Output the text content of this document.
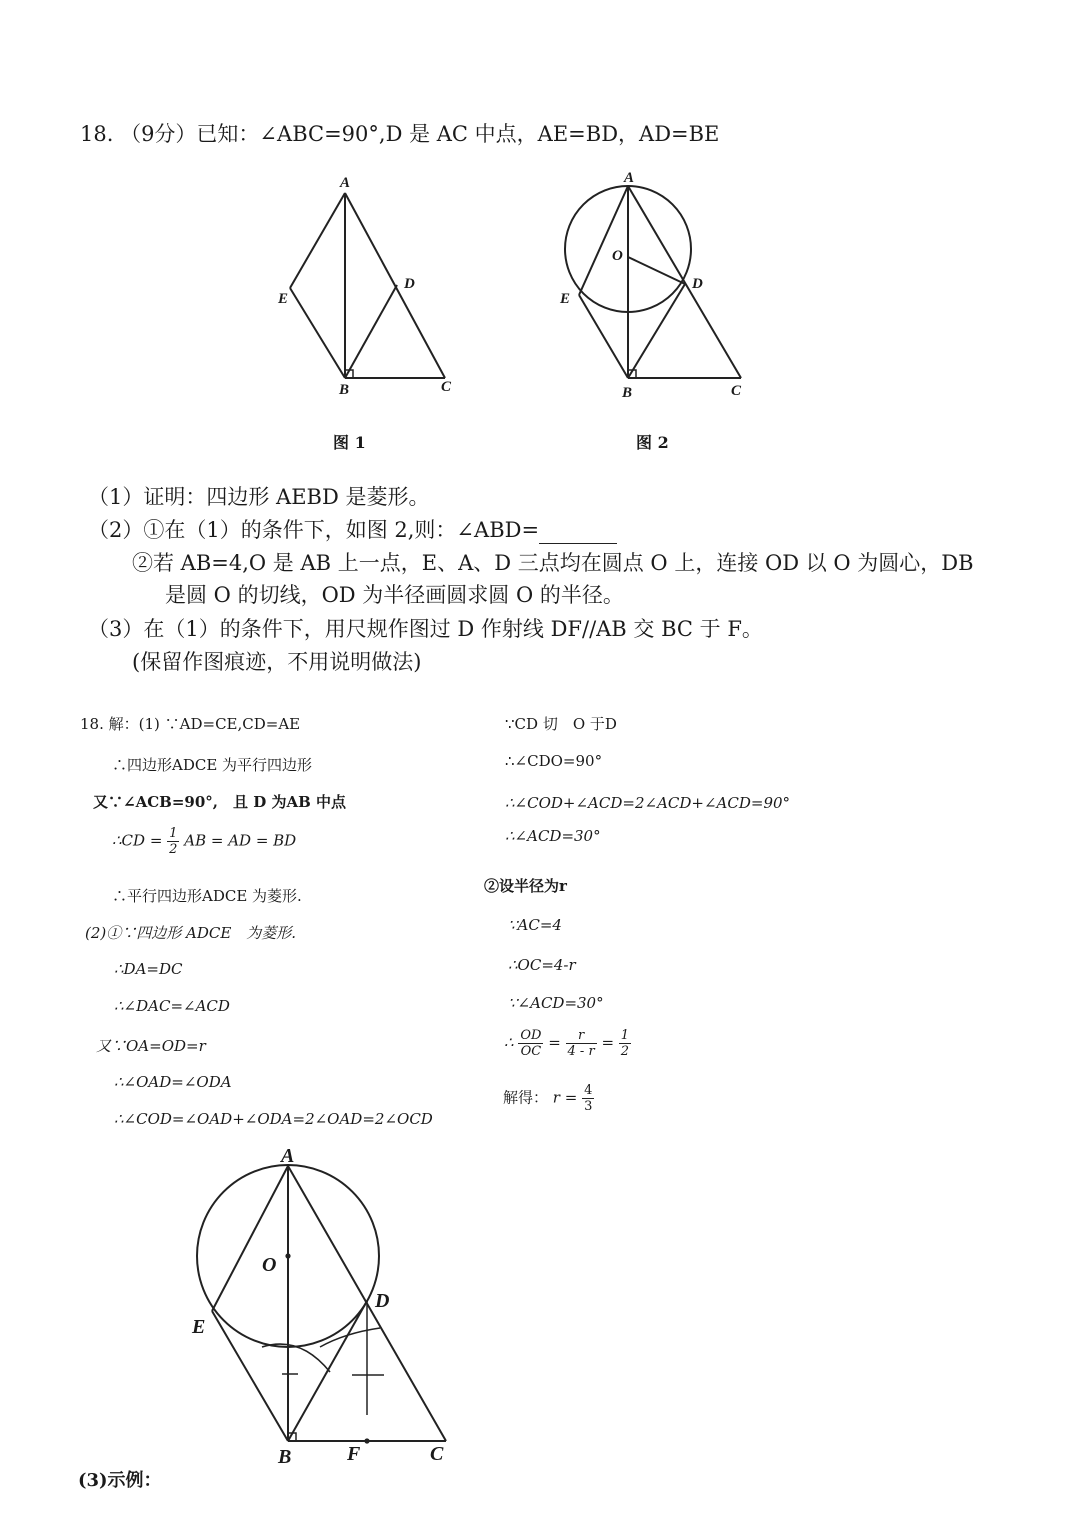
18. （9分）已知：∠ABC=90°,D 是 AC 中点，AE=BD，AD=BE
A
E
D
B	C
图 1
A
O
D
E
B	C
图 2
（1）证明：四边形 AEBD 是菱形。
（2）①在（1）的条件下，如图 2,则：∠ABD=
②若 AB=4,O 是 AB 上一点，E、A、D 三点均在圆点 O 上，连接 OD 以 O 为圆心，DB
是圆 O 的切线，OD 为半径画圆求圆 O 的半径。
（3）在（1）的条件下，用尺规作图过 D 作射线 DF//AB 交 BC 于 F。
(保留作图痕迹，不用说明做法)
18. 解：(1) ∵AD=CE,CD=AE
∴四边形ADCE 为平行四边形
又∵∠ACB=90°,　且 D 为AB 中点
∴CD = $\frac{1}{2}$ AB = AD = BD
∴平行四边形ADCE 为菱形.
(2)①∵四边形 ADCE　为菱形.
∴DA=DC
∴∠DAC=∠ACD
又∵OA=OD=r
∴∠OAD=∠ODA
∴∠COD=∠OAD+∠ODA=2∠OAD=2∠OCD
∵CD 切　O 于D
∴∠CDO=90°
∴∠COD+∠ACD=2∠ACD+∠ACD=90°
∴∠ACD=30°
②设半径为r
∵AC=4
∴OC=4-r
∵∠ACD=30°
∴ $\frac{OD}{OC} = \frac{r}{4 - r} = \frac{1}{2}$
解得： $r = \frac{4}{3}$
A
O
D
E
B	F	C
(3)示例：
